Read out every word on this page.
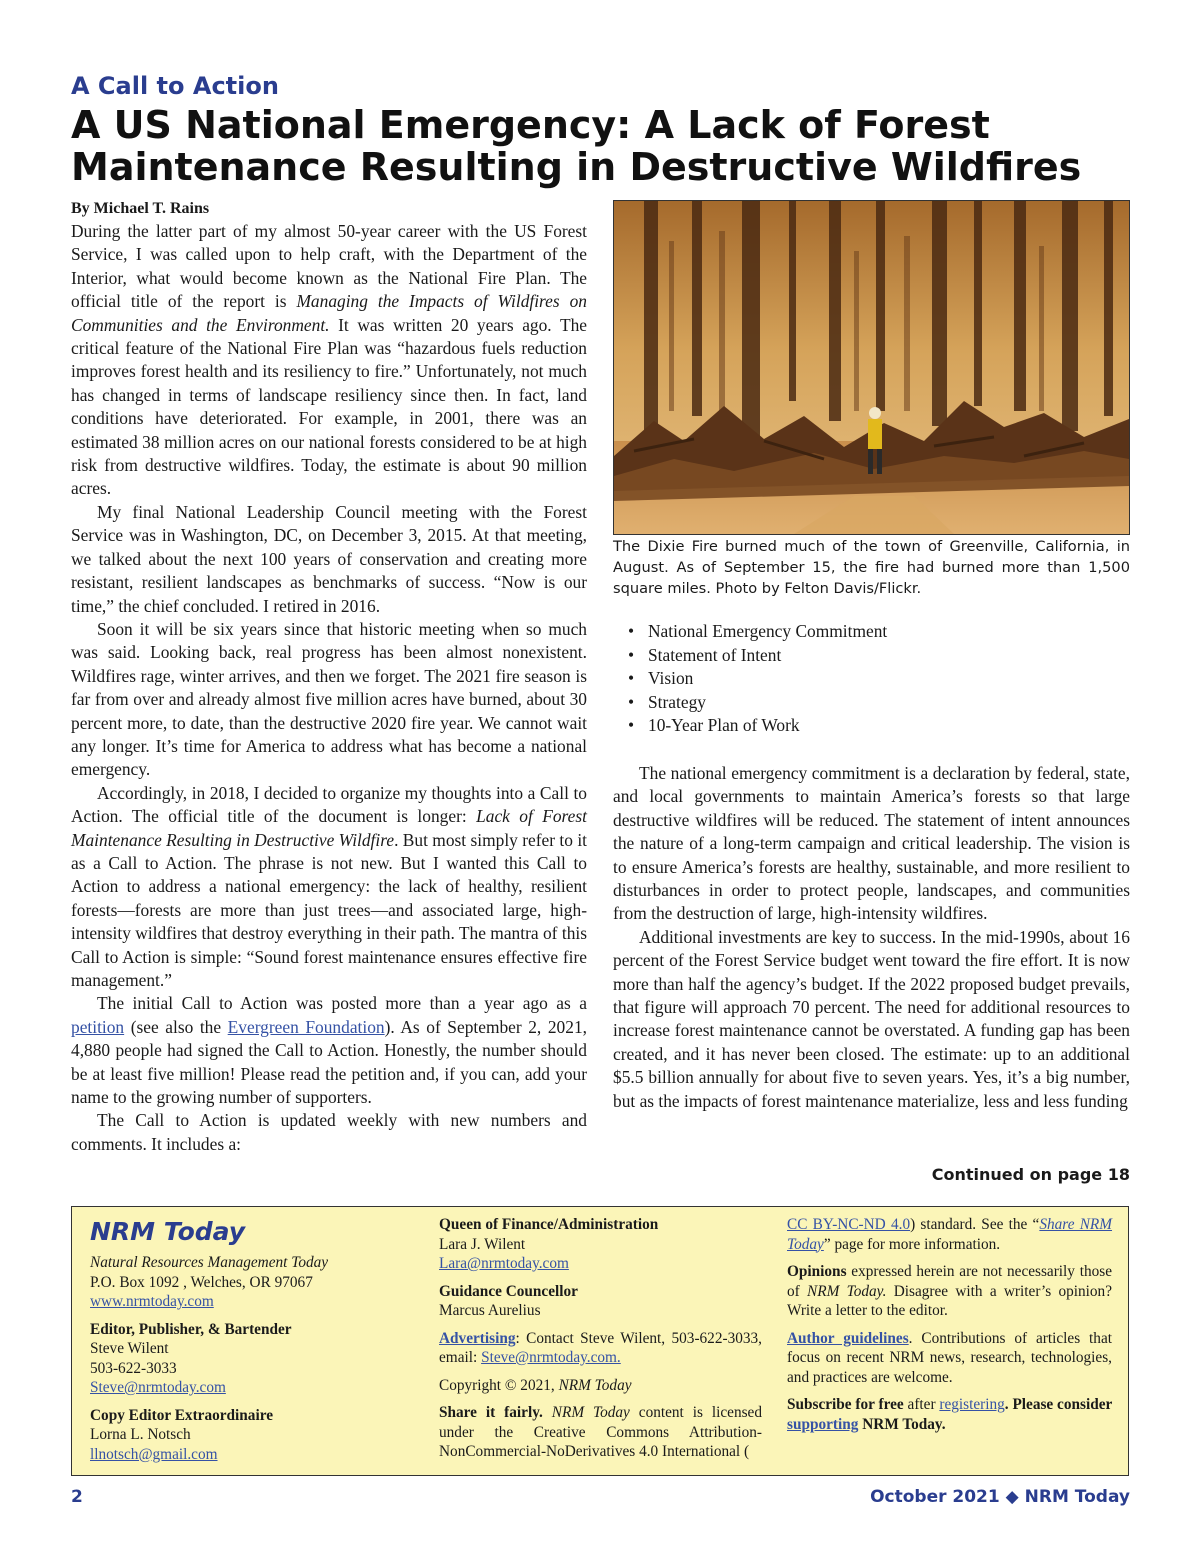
A Call to Action
A US National Emergency: A Lack of Forest Maintenance Resulting in Destructive Wildfires
By Michael T. Rains

During the latter part of my almost 50-year career with the US Forest Service, I was called upon to help craft, with the Department of the Interior, what would become known as the National Fire Plan. The official title of the report is Managing the Impacts of Wildfires on Communities and the Environment. It was written 20 years ago. The critical feature of the National Fire Plan was “hazardous fuels reduction improves forest health and its resiliency to fire.” Unfortunately, not much has changed in terms of landscape resiliency since then. In fact, land conditions have deteriorated. For example, in 2001, there was an estimated 38 million acres on our national forests considered to be at high risk from destructive wildfires. Today, the estimate is about 90 million acres.

My final National Leadership Council meeting with the Forest Service was in Washington, DC, on December 3, 2015. At that meeting, we talked about the next 100 years of conservation and creating more resistant, resilient landscapes as benchmarks of success. “Now is our time,” the chief concluded. I retired in 2016.

Soon it will be six years since that historic meeting when so much was said. Looking back, real progress has been almost nonexistent. Wildfires rage, winter arrives, and then we forget. The 2021 fire season is far from over and already almost five million acres have burned, about 30 percent more, to date, than the destructive 2020 fire year. We cannot wait any longer. It’s time for America to address what has become a national emergency.

Accordingly, in 2018, I decided to organize my thoughts into a Call to Action. The official title of the document is longer: Lack of Forest Maintenance Resulting in Destructive Wildfire. But most simply refer to it as a Call to Action. The phrase is not new. But I wanted this Call to Action to address a national emergency: the lack of healthy, resilient forests—forests are more than just trees—and associated large, high-intensity wildfires that destroy everything in their path. The mantra of this Call to Action is simple: “Sound forest maintenance ensures effective fire management.”

The initial Call to Action was posted more than a year ago as a petition (see also the Evergreen Foundation). As of September 2, 2021, 4,880 people had signed the Call to Action. Honestly, the number should be at least five million! Please read the petition and, if you can, add your name to the growing number of supporters.

The Call to Action is updated weekly with new numbers and comments. It includes a:

The Dixie Fire burned much of the town of Greenville, California, in August. As of September 15, the fire had burned more than 1,500 square miles. Photo by Felton Davis/Flickr.
• National Emergency Commitment
• Statement of Intent
• Vision
• Strategy
• 10-Year Plan of Work

The national emergency commitment is a declaration by federal, state, and local governments to maintain America’s forests so that large destructive wildfires will be reduced. The statement of intent announces the nature of a long-term campaign and critical leadership. The vision is to ensure America’s forests are healthy, sustainable, and more resilient to disturbances in order to protect people, landscapes, and communities from the destruction of large, high-intensity wildfires.

Additional investments are key to success. In the mid-1990s, about 16 percent of the Forest Service budget went toward the fire effort. It is now more than half the agency’s budget. If the 2022 proposed budget prevails, that figure will approach 70 percent. The need for additional resources to increase forest maintenance cannot be overstated. A funding gap has been created, and it has never been closed. The estimate: up to an additional $5.5 billion annually for about five to seven years. Yes, it’s a big number, but as the impacts of forest maintenance materialize, less and less funding

Continued on page 18
NRM Today
Natural Resources Management Today
P.O. Box 1092 , Welches, OR 97067
www.nrmtoday.com
Editor, Publisher, & Bartender
Steve Wilent
503-622-3033
Steve@nrmtoday.com
Copy Editor Extraordinaire
Lorna L. Notsch
llnotsch@gmail.com
Queen of Finance/Administration
Lara J. Wilent
Lara@nrmtoday.com
Guidance Councellor
Marcus Aurelius
Advertising: Contact Steve Wilent, 503-622-3033, email: Steve@nrmtoday.com.
Copyright © 2021, NRM Today
Share it fairly. NRM Today content is licensed under the Creative Commons Attribution-NonCommercial-NoDerivatives 4.0 International (
CC BY-NC-ND 4.0) standard. See the “Share NRM Today” page for more information.
Opinions expressed herein are not necessarily those of NRM Today. Disagree with a writer’s opinion? Write a letter to the editor.
Author guidelines. Contributions of articles that focus on recent NRM news, research, technologies, and practices are welcome.
Subscribe for free after registering. Please consider supporting NRM Today.
2	October 2021 ◆ NRM Today
